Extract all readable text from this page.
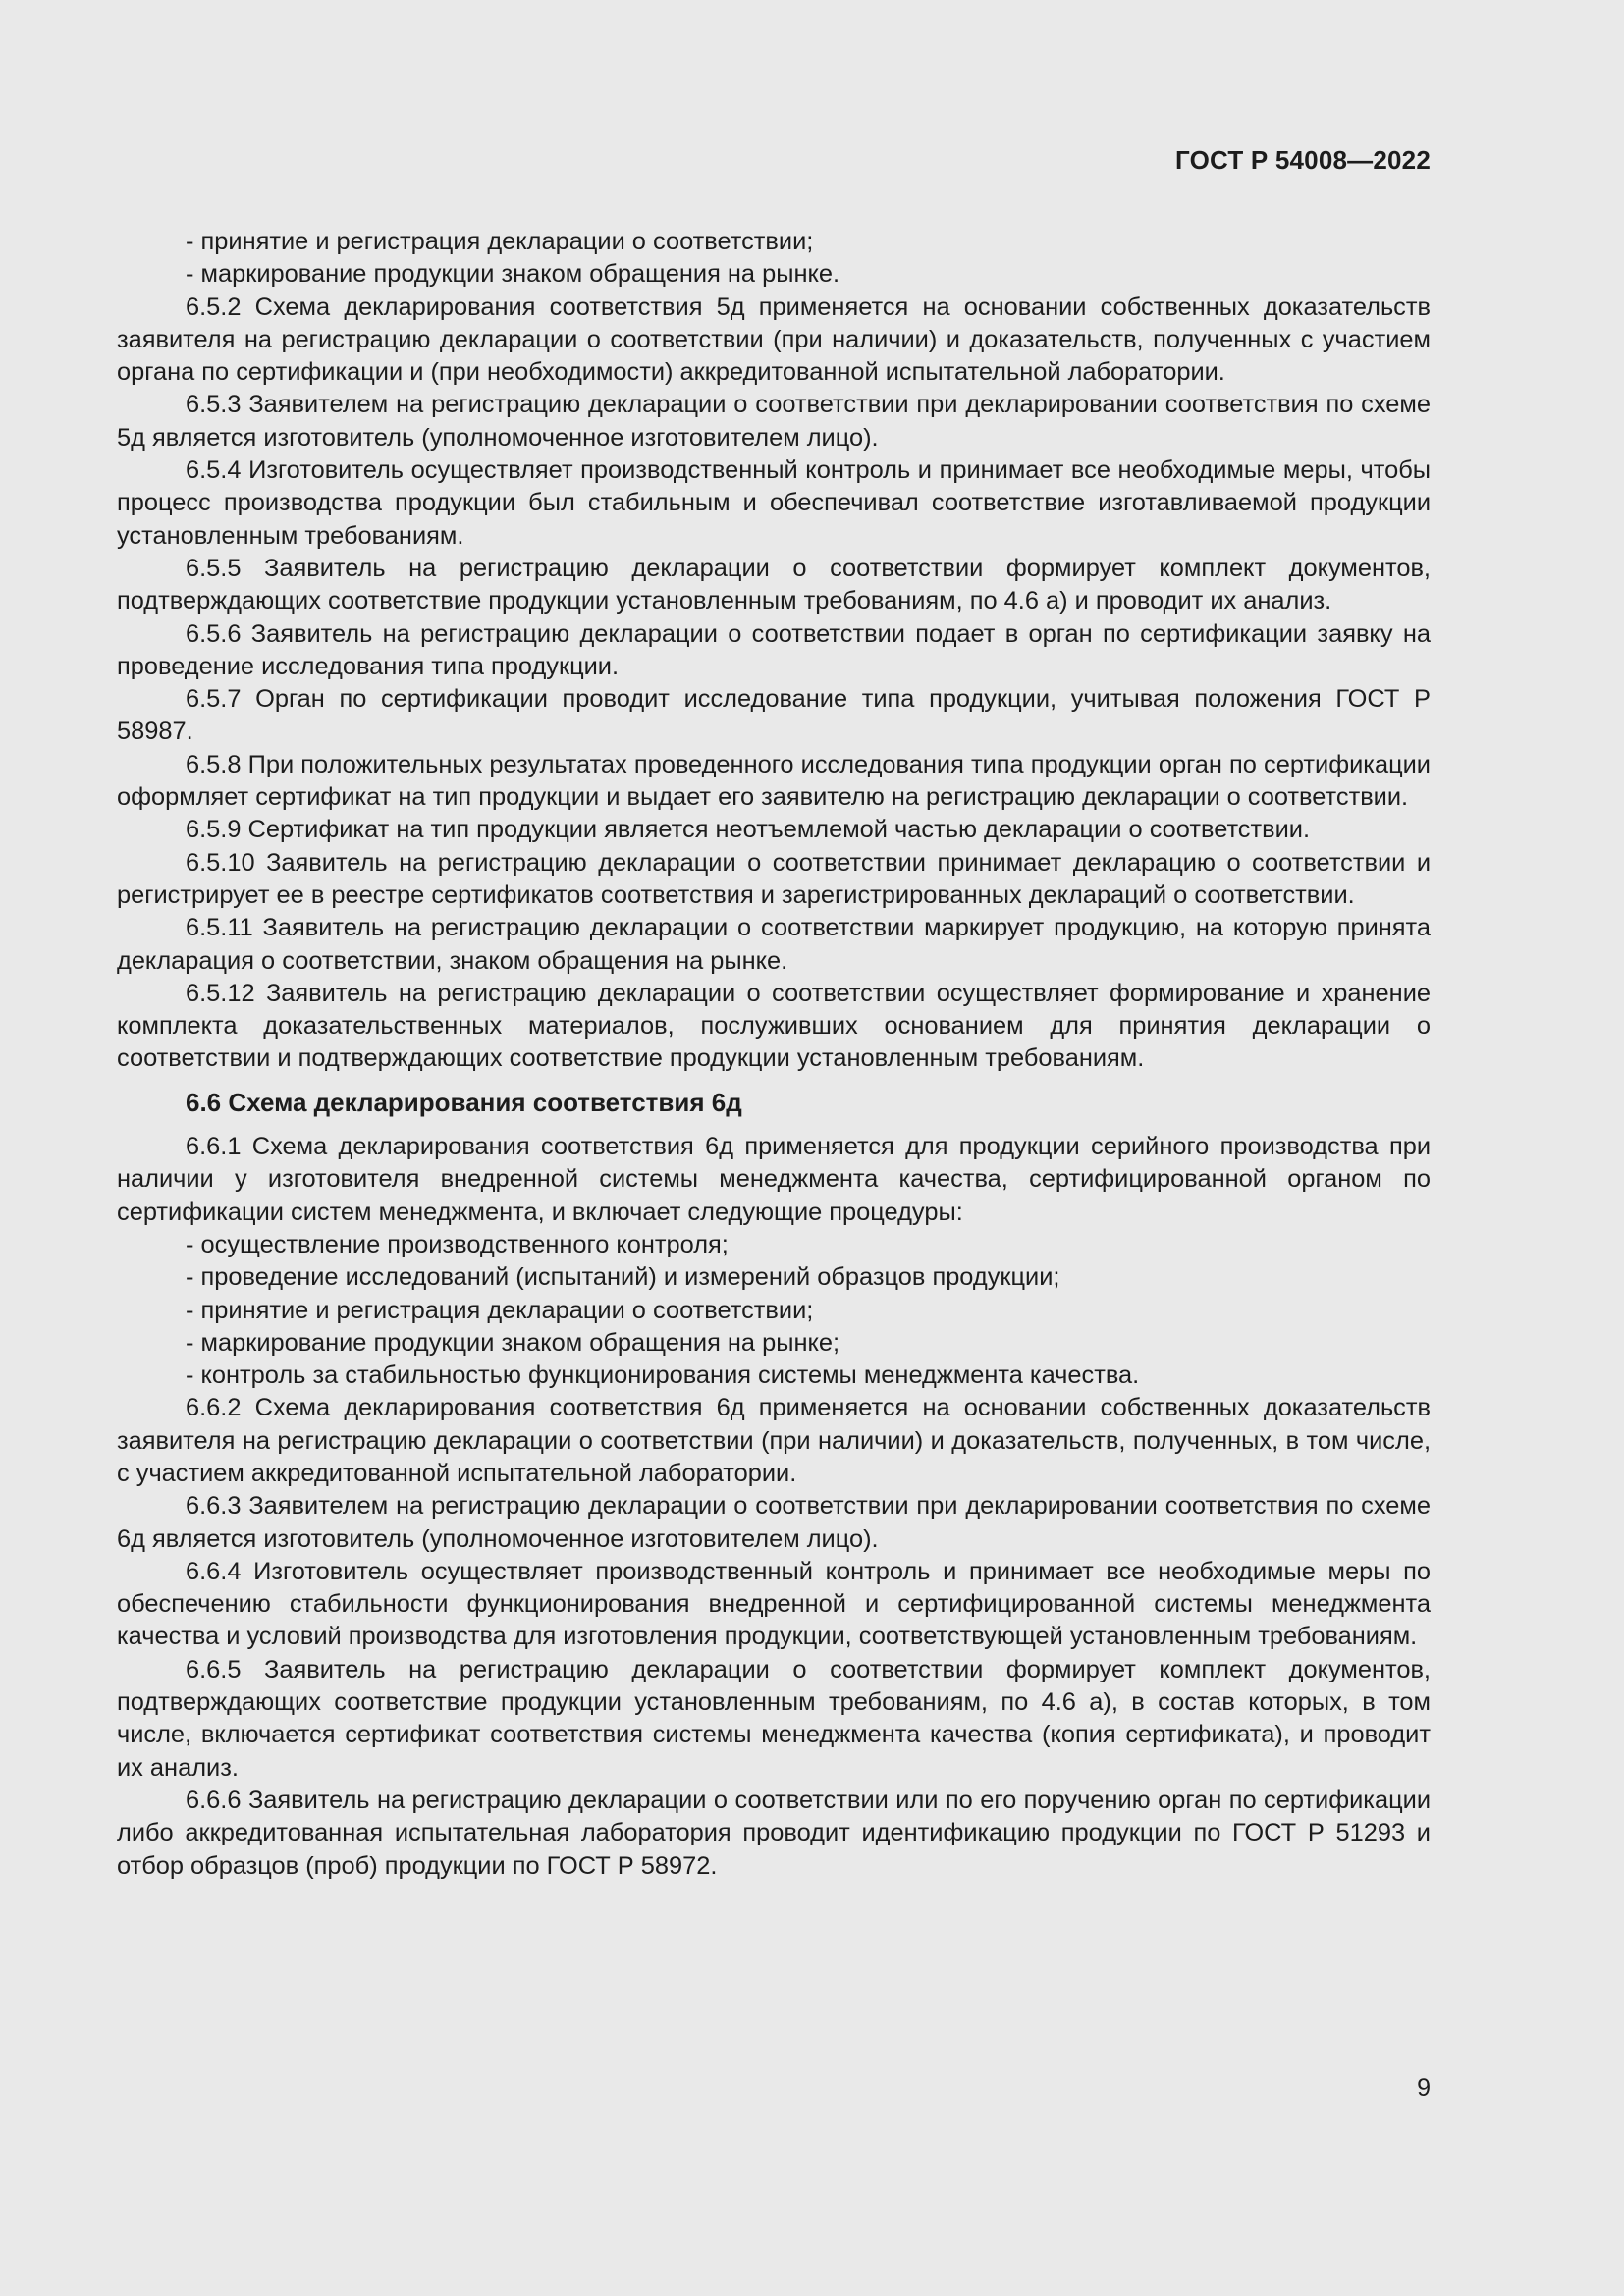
ГОСТ Р 54008—2022

- принятие и регистрация декларации о соответствии;

- маркирование продукции знаком обращения на рынке.

6.5.2 Схема декларирования соответствия 5д применяется на основании собственных доказательств заявителя на регистрацию декларации о соответствии (при наличии) и доказательств, полученных с участием органа по сертификации и (при необходимости) аккредитованной испытательной лаборатории.

6.5.3 Заявителем на регистрацию декларации о соответствии при декларировании соответствия по схеме 5д является изготовитель (уполномоченное изготовителем лицо).

6.5.4 Изготовитель осуществляет производственный контроль и принимает все необходимые меры, чтобы процесс производства продукции был стабильным и обеспечивал соответствие изготавливаемой продукции установленным требованиям.

6.5.5 Заявитель на регистрацию декларации о соответствии формирует комплект документов, подтверждающих соответствие продукции установленным требованиям, по 4.6 а) и проводит их анализ.

6.5.6 Заявитель на регистрацию декларации о соответствии подает в орган по сертификации заявку на проведение исследования типа продукции.

6.5.7 Орган по сертификации проводит исследование типа продукции, учитывая положения ГОСТ Р 58987.

6.5.8 При положительных результатах проведенного исследования типа продукции орган по сертификации оформляет сертификат на тип продукции и выдает его заявителю на регистрацию декларации о соответствии.

6.5.9 Сертификат на тип продукции является неотъемлемой частью декларации о соответствии.

6.5.10 Заявитель на регистрацию декларации о соответствии принимает декларацию о соответствии и регистрирует ее в реестре сертификатов соответствия и зарегистрированных деклараций о соответствии.

6.5.11 Заявитель на регистрацию декларации о соответствии маркирует продукцию, на которую принята декларация о соответствии, знаком обращения на рынке.

6.5.12 Заявитель на регистрацию декларации о соответствии осуществляет формирование и хранение комплекта доказательственных материалов, послуживших основанием для принятия декларации о соответствии и подтверждающих соответствие продукции установленным требованиям.

6.6 Схема декларирования соответствия 6д

6.6.1 Схема декларирования соответствия 6д применяется для продукции серийного производства при наличии у изготовителя внедренной системы менеджмента качества, сертифицированной органом по сертификации систем менеджмента, и включает следующие процедуры:

- осуществление производственного контроля;

- проведение исследований (испытаний) и измерений образцов продукции;

- принятие и регистрация декларации о соответствии;

- маркирование продукции знаком обращения на рынке;

- контроль за стабильностью функционирования системы менеджмента качества.

6.6.2 Схема декларирования соответствия 6д применяется на основании собственных доказательств заявителя на регистрацию декларации о соответствии (при наличии) и доказательств, полученных, в том числе, с участием аккредитованной испытательной лаборатории.

6.6.3 Заявителем на регистрацию декларации о соответствии при декларировании соответствия по схеме 6д является изготовитель (уполномоченное изготовителем лицо).

6.6.4 Изготовитель осуществляет производственный контроль и принимает все необходимые меры по обеспечению стабильности функционирования внедренной и сертифицированной системы менеджмента качества и условий производства для изготовления продукции, соответствующей установленным требованиям.

6.6.5 Заявитель на регистрацию декларации о соответствии формирует комплект документов, подтверждающих соответствие продукции установленным требованиям, по 4.6 а), в состав которых, в том числе, включается сертификат соответствия системы менеджмента качества (копия сертификата), и проводит их анализ.

6.6.6 Заявитель на регистрацию декларации о соответствии или по его поручению орган по сертификации либо аккредитованная испытательная лаборатория проводит идентификацию продукции по ГОСТ Р 51293 и отбор образцов (проб) продукции по ГОСТ Р 58972.

9
